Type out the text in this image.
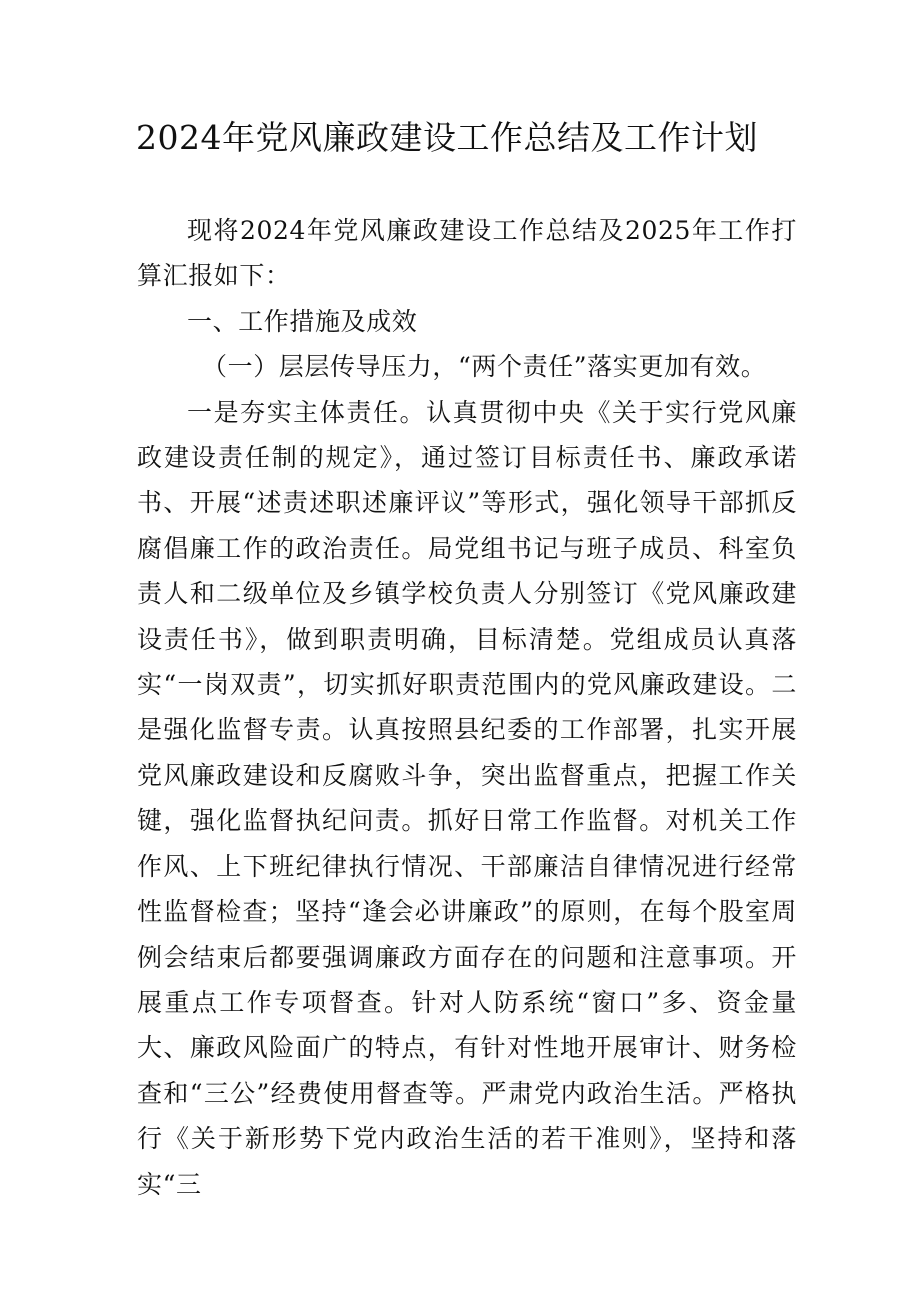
2024年党风廉政建设工作总结及工作计划

现将2024年党风廉政建设工作总结及2025年工作打算汇报如下：

一、工作措施及成效

（一）层层传导压力，“两个责任”落实更加有效。

一是夯实主体责任。认真贯彻中央《关于实行党风廉政建设责任制的规定》，通过签订目标责任书、廉政承诺书、开展“述责述职述廉评议”等形式，强化领导干部抓反腐倡廉工作的政治责任。局党组书记与班子成员、科室负责人和二级单位及乡镇学校负责人分别签订《党风廉政建设责任书》，做到职责明确，目标清楚。党组成员认真落实“一岗双责”，切实抓好职责范围内的党风廉政建设。二是强化监督专责。认真按照县纪委的工作部署，扎实开展党风廉政建设和反腐败斗争，突出监督重点，把握工作关键，强化监督执纪问责。抓好日常工作监督。对机关工作作风、上下班纪律执行情况、干部廉洁自律情况进行经常性监督检查；坚持“逢会必讲廉政”的原则，在每个股室周例会结束后都要强调廉政方面存在的问题和注意事项。开展重点工作专项督查。针对人防系统“窗口”多、资金量大、廉政风险面广的特点，有针对性地开展审计、财务检查和“三公”经费使用督查等。严肃党内政治生活。严格执行《关于新形势下党内政治生活的若干准则》，坚持和落实“三
